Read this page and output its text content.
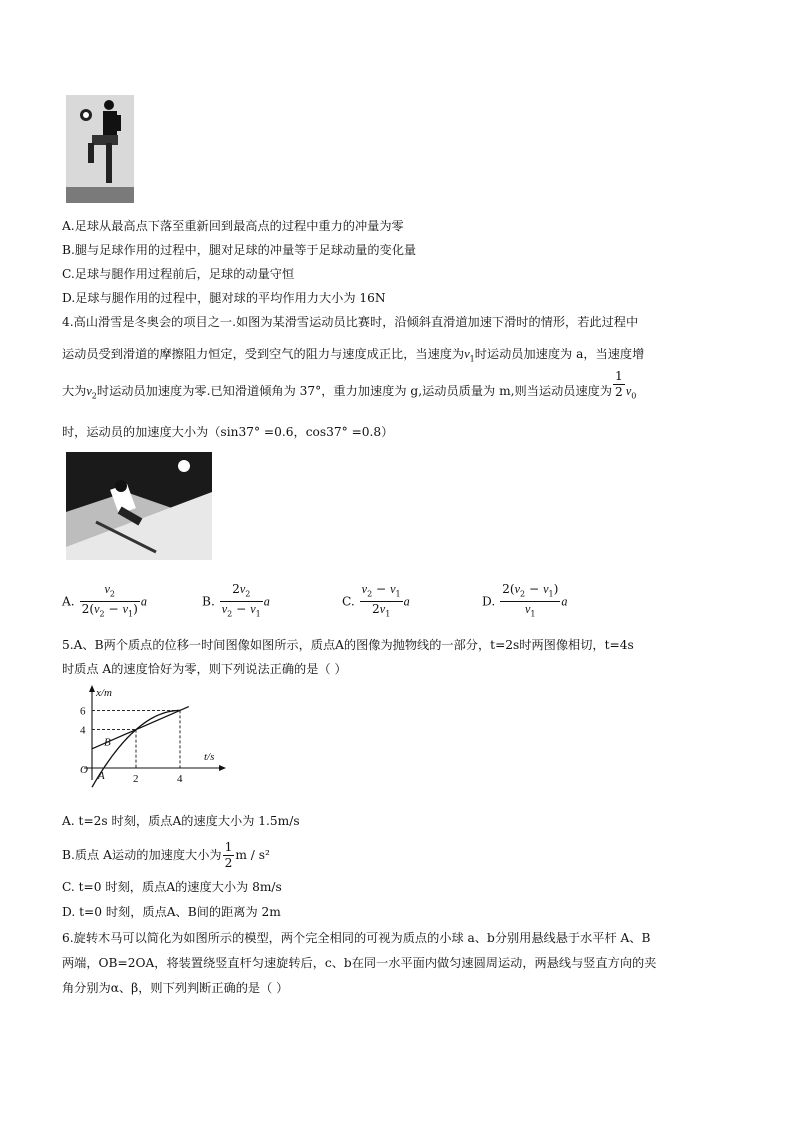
A.足球从最高点下落至重新回到最高点的过程中重力的冲量为零
B.腿与足球作用的过程中，腿对足球的冲量等于足球动量的变化量
C.足球与腿作用过程前后，足球的动量守恒
D.足球与腿作用的过程中，腿对球的平均作用力大小为 16N
4.高山滑雪是冬奥会的项目之一.如图为某滑雪运动员比赛时，沿倾斜直滑道加速下滑时的情形，若此过程中
运动员受到滑道的摩擦阻力恒定，受到空气的阻力与速度成正比，当速度为$v_1$时运动员加速度为 a，当速度增
大为$v_2$时运动员加速度为零.已知滑道倾角为 37°，重力加速度为 g,运动员质量为 m,则当运动员速度为 $\frac{1}{2} v_0$
时，运动员的加速度大小为（sin37° =0.6，cos37° =0.8）
A. $\frac{v_2}{2(v_2 - v_1)}$ a	B. $\frac{2v_2}{v_2 - v_1}$ a	C. $\frac{v_2 - v_1}{2v_1}$ a	D. $\frac{2(v_2 - v_1)}{v_1}$ a
5.A、B两个质点的位移一时间图像如图所示，质点A的图像为抛物线的一部分，t=2s时两图像相切，t=4s
时质点 A的速度恰好为零，则下列说法正确的是（ ）
x/m
t/s
O
4
6
2	4
A
B
A. t=2s 时刻，质点A的速度大小为 1.5m/s
B.质点 A运动的加速度大小为 $\frac{1}{2}$ m / s²
C. t=0 时刻，质点A的速度大小为 8m/s
D. t=0 时刻，质点A、B间的距离为 2m
6.旋转木马可以简化为如图所示的模型，两个完全相同的可视为质点的小球 a、b分别用悬线悬于水平杆 A、B
两端，OB=2OA，将装置绕竖直杆匀速旋转后，c、b在同一水平面内做匀速圆周运动，两悬线与竖直方向的夹
角分别为α、β，则下列判断正确的是（ ）
